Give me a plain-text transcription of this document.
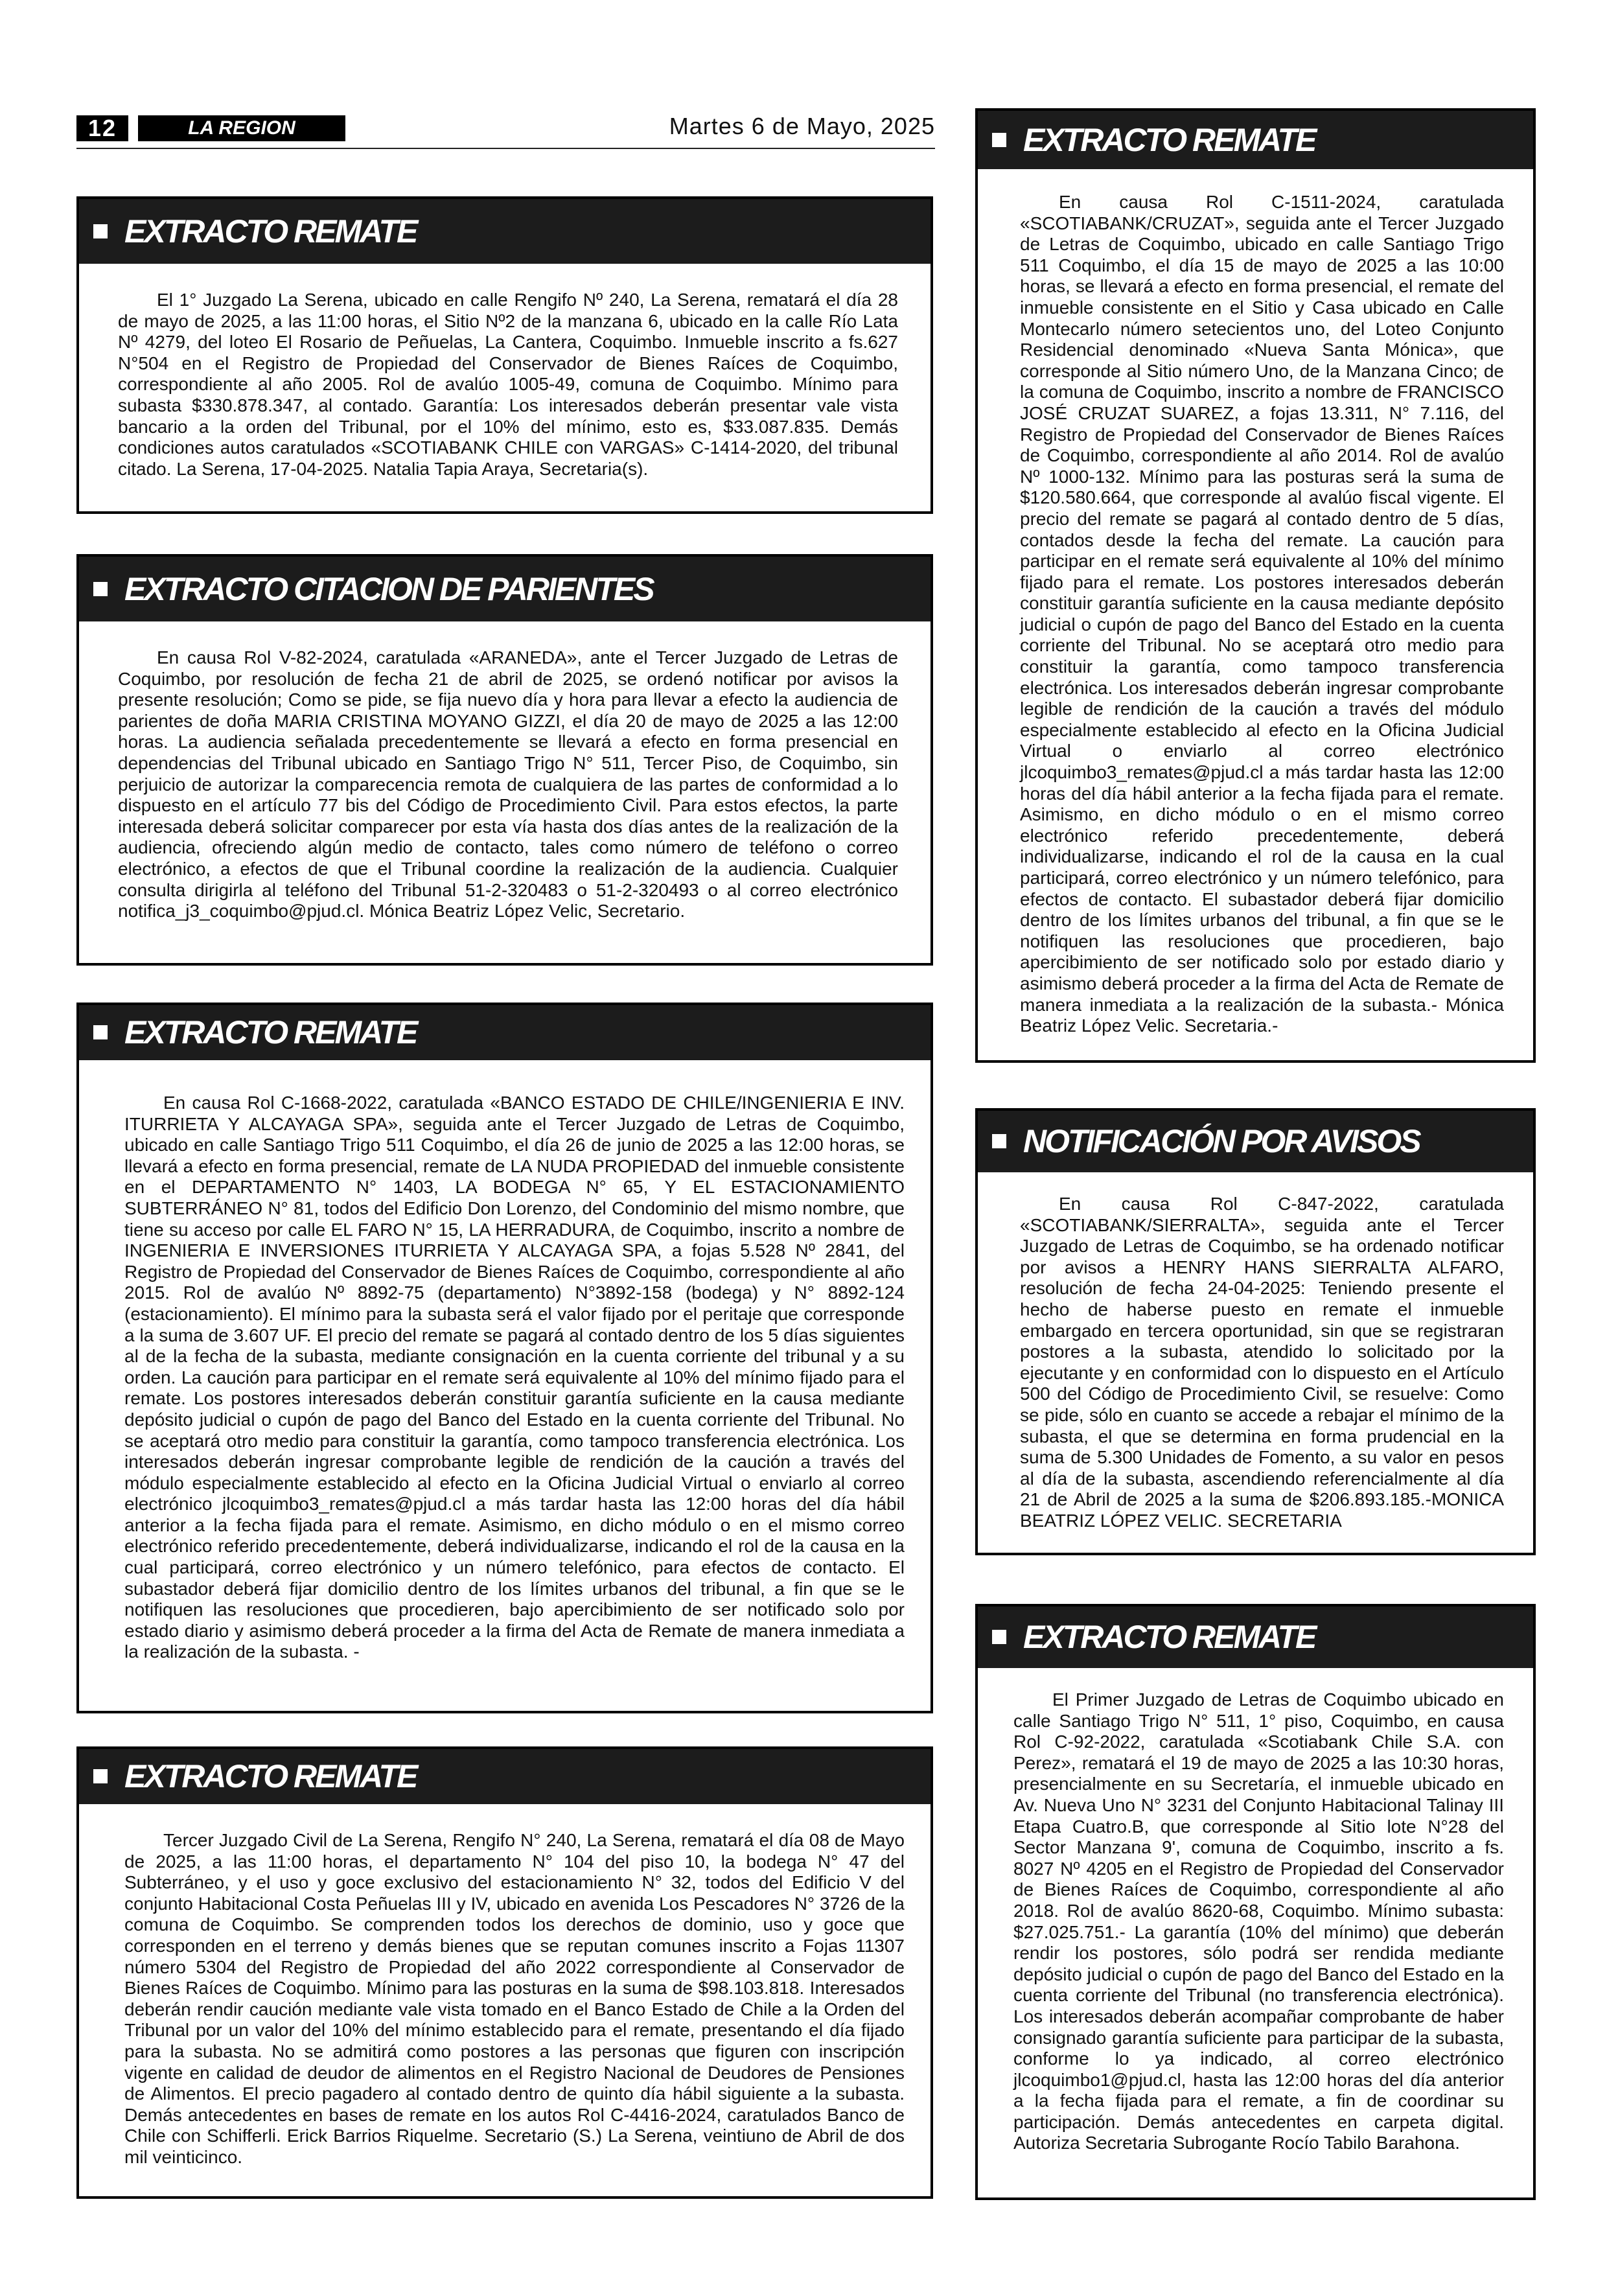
12	LA REGION	Martes 6 de Mayo, 2025
EXTRACTO REMATE

El 1° Juzgado La Serena, ubicado en calle Rengifo Nº 240, La Serena, rematará el día 28 de mayo de 2025, a las 11:00 horas, el Sitio Nº2 de la manzana 6, ubicado en la calle Río Lata Nº 4279, del loteo El Rosario de Peñuelas, La Cantera, Coquimbo. Inmueble inscrito a fs.627 N°504 en el Registro de Propiedad del Conservador de Bienes Raíces de Coquimbo, correspondiente al año 2005. Rol de avalúo 1005-49, comuna de Coquimbo. Mínimo para subasta $330.878.347, al contado. Garantía: Los interesados deberán presentar vale vista bancario a la orden del Tribunal, por el 10% del mínimo, esto es, $33.087.835. Demás condiciones autos caratulados «SCOTIABANK CHILE con VARGAS» C-1414-2020, del tribunal citado. La Serena, 17-04-2025. Natalia Tapia Araya, Secretaria(s).

EXTRACTO CITACION DE PARIENTES

En causa Rol V-82-2024, caratulada «ARANEDA», ante el Tercer Juzgado de Letras de Coquimbo, por resolución de fecha 21 de abril de 2025, se ordenó notificar por avisos la presente resolución; Como se pide, se fija nuevo día y hora para llevar a efecto la audiencia de parientes de doña MARIA CRISTINA MOYANO GIZZI, el día 20 de mayo de 2025 a las 12:00 horas. La audiencia señalada precedentemente se llevará a efecto en forma presencial en dependencias del Tribunal ubicado en Santiago Trigo N° 511, Tercer Piso, de Coquimbo, sin perjuicio de autorizar la comparecencia remota de cualquiera de las partes de conformidad a lo dispuesto en el artículo 77 bis del Código de Procedimiento Civil. Para estos efectos, la parte interesada deberá solicitar comparecer por esta vía hasta dos días antes de la realización de la audiencia, ofreciendo algún medio de contacto, tales como número de teléfono o correo electrónico, a efectos de que el Tribunal coordine la realización de la audiencia. Cualquier consulta dirigirla al teléfono del Tribunal 51-2-320483 o 51-2-320493 o al correo electrónico notifica_j3_coquimbo@pjud.cl. Mónica Beatriz López Velic, Secretario.

EXTRACTO REMATE

En causa Rol C-1668-2022, caratulada «BANCO ESTADO DE CHILE/INGENIERIA E INV. ITURRIETA Y ALCAYAGA SPA», seguida ante el Tercer Juzgado de Letras de Coquimbo, ubicado en calle Santiago Trigo 511 Coquimbo, el día 26 de junio de 2025 a las 12:00 horas, se llevará a efecto en forma presencial, remate de LA NUDA PROPIEDAD del inmueble consistente en el DEPARTAMENTO N° 1403, LA BODEGA N° 65, Y EL ESTACIONAMIENTO SUBTERRÁNEO N° 81, todos del Edificio Don Lorenzo, del Condominio del mismo nombre, que tiene su acceso por calle EL FARO N° 15, LA HERRADURA, de Coquimbo, inscrito a nombre de INGENIERIA E INVERSIONES ITURRIETA Y ALCAYAGA SPA, a fojas 5.528 Nº 2841, del Registro de Propiedad del Conservador de Bienes Raíces de Coquimbo, correspondiente al año 2015. Rol de avalúo Nº 8892-75 (departamento) N°3892-158 (bodega) y N° 8892-124 (estacionamiento). El mínimo para la subasta será el valor fijado por el peritaje que corresponde a la suma de 3.607 UF. El precio del remate se pagará al contado dentro de los 5 días siguientes al de la fecha de la subasta, mediante consignación en la cuenta corriente del tribunal y a su orden. La caución para participar en el remate será equivalente al 10% del mínimo fijado para el remate. Los postores interesados deberán constituir garantía suficiente en la causa mediante depósito judicial o cupón de pago del Banco del Estado en la cuenta corriente del Tribunal. No se aceptará otro medio para constituir la garantía, como tampoco transferencia electrónica. Los interesados deberán ingresar comprobante legible de rendición de la caución a través del módulo especialmente establecido al efecto en la Oficina Judicial Virtual o enviarlo al correo electrónico jlcoquimbo3_remates@pjud.cl a más tardar hasta las 12:00 horas del día hábil anterior a la fecha fijada para el remate. Asimismo, en dicho módulo o en el mismo correo electrónico referido precedentemente, deberá individualizarse, indicando el rol de la causa en la cual participará, correo electrónico y un número telefónico, para efectos de contacto. El subastador deberá fijar domicilio dentro de los límites urbanos del tribunal, a fin que se le notifiquen las resoluciones que procedieren, bajo apercibimiento de ser notificado solo por estado diario y asimismo deberá proceder a la firma del Acta de Remate de manera inmediata a la realización de la subasta. -

EXTRACTO REMATE

Tercer Juzgado Civil de La Serena, Rengifo N° 240, La Serena, rematará el día 08 de Mayo de 2025, a las 11:00 horas, el departamento N° 104 del piso 10, la bodega N° 47 del Subterráneo, y el uso y goce exclusivo del estacionamiento N° 32, todos del Edificio V del conjunto Habitacional Costa Peñuelas III y IV, ubicado en avenida Los Pescadores N° 3726 de la comuna de Coquimbo. Se comprenden todos los derechos de dominio, uso y goce que corresponden en el terreno y demás bienes que se reputan comunes inscrito a Fojas 11307 número 5304 del Registro de Propiedad del año 2022 correspondiente al Conservador de Bienes Raíces de Coquimbo. Mínimo para las posturas en la suma de $98.103.818. Interesados deberán rendir caución mediante vale vista tomado en el Banco Estado de Chile a la Orden del Tribunal por un valor del 10% del mínimo establecido para el remate, presentando el día fijado para la subasta. No se admitirá como postores a las personas que figuren con inscripción vigente en calidad de deudor de alimentos en el Registro Nacional de Deudores de Pensiones de Alimentos. El precio pagadero al contado dentro de quinto día hábil siguiente a la subasta. Demás antecedentes en bases de remate en los autos Rol C-4416-2024, caratulados Banco de Chile con Schifferli. Erick Barrios Riquelme. Secretario (S.) La Serena, veintiuno de Abril de dos mil veinticinco.

EXTRACTO REMATE

En causa Rol C-1511-2024, caratulada «SCOTIABANK/CRUZAT», seguida ante el Tercer Juzgado de Letras de Coquimbo, ubicado en calle Santiago Trigo 511 Coquimbo, el día 15 de mayo de 2025 a las 10:00 horas, se llevará a efecto en forma presencial, el remate del inmueble consistente en el Sitio y Casa ubicado en Calle Montecarlo número setecientos uno, del Loteo Conjunto Residencial denominado «Nueva Santa Mónica», que corresponde al Sitio número Uno, de la Manzana Cinco; de la comuna de Coquimbo, inscrito a nombre de FRANCISCO JOSÉ CRUZAT SUAREZ, a fojas 13.311, N° 7.116, del Registro de Propiedad del Conservador de Bienes Raíces de Coquimbo, correspondiente al año 2014. Rol de avalúo Nº 1000-132. Mínimo para las posturas será la suma de $120.580.664, que corresponde al avalúo fiscal vigente. El precio del remate se pagará al contado dentro de 5 días, contados desde la fecha del remate. La caución para participar en el remate será equivalente al 10% del mínimo fijado para el remate. Los postores interesados deberán constituir garantía suficiente en la causa mediante depósito judicial o cupón de pago del Banco del Estado en la cuenta corriente del Tribunal. No se aceptará otro medio para constituir la garantía, como tampoco transferencia electrónica. Los interesados deberán ingresar comprobante legible de rendición de la caución a través del módulo especialmente establecido al efecto en la Oficina Judicial Virtual o enviarlo al correo electrónico jlcoquimbo3_remates@pjud.cl a más tardar hasta las 12:00 horas del día hábil anterior a la fecha fijada para el remate. Asimismo, en dicho módulo o en el mismo correo electrónico referido precedentemente, deberá individualizarse, indicando el rol de la causa en la cual participará, correo electrónico y un número telefónico, para efectos de contacto. El subastador deberá fijar domicilio dentro de los límites urbanos del tribunal, a fin que se le notifiquen las resoluciones que procedieren, bajo apercibimiento de ser notificado solo por estado diario y asimismo deberá proceder a la firma del Acta de Remate de manera inmediata a la realización de la subasta.- Mónica Beatriz López Velic. Secretaria.-

NOTIFICACIÓN POR AVISOS

En causa Rol C-847-2022, caratulada «SCOTIABANK/SIERRALTA», seguida ante el Tercer Juzgado de Letras de Coquimbo, se ha ordenado notificar por avisos a HENRY HANS SIERRALTA ALFARO, resolución de fecha 24-04-2025: Teniendo presente el hecho de haberse puesto en remate el inmueble embargado en tercera oportunidad, sin que se registraran postores a la subasta, atendido lo solicitado por la ejecutante y en conformidad con lo dispuesto en el Artículo 500 del Código de Procedimiento Civil, se resuelve: Como se pide, sólo en cuanto se accede a rebajar el mínimo de la subasta, el que se determina en forma prudencial en la suma de 5.300 Unidades de Fomento, a su valor en pesos al día de la subasta, ascendiendo referencialmente al día 21 de Abril de 2025 a la suma de $206.893.185.-MONICA BEATRIZ LÓPEZ VELIC. SECRETARIA

EXTRACTO REMATE

El Primer Juzgado de Letras de Coquimbo ubicado en calle Santiago Trigo N° 511, 1° piso, Coquimbo, en causa Rol C-92-2022, caratulada «Scotiabank Chile S.A. con Perez», rematará el 19 de mayo de 2025 a las 10:30 horas, presencialmente en su Secretaría, el inmueble ubicado en Av. Nueva Uno N° 3231 del Conjunto Habitacional Talinay III Etapa Cuatro.B, que corresponde al Sitio lote N°28 del Sector Manzana 9', comuna de Coquimbo, inscrito a fs. 8027 Nº 4205 en el Registro de Propiedad del Conservador de Bienes Raíces de Coquimbo, correspondiente al año 2018. Rol de avalúo 8620-68, Coquimbo. Mínimo subasta: $27.025.751.- La garantía (10% del mínimo) que deberán rendir los postores, sólo podrá ser rendida mediante depósito judicial o cupón de pago del Banco del Estado en la cuenta corriente del Tribunal (no transferencia electrónica). Los interesados deberán acompañar comprobante de haber consignado garantía suficiente para participar de la subasta, conforme lo ya indicado, al correo electrónico jlcoquimbo1@pjud.cl, hasta las 12:00 horas del día anterior a la fecha fijada para el remate, a fin de coordinar su participación. Demás antecedentes en carpeta digital. Autoriza Secretaria Subrogante Rocío Tabilo Barahona.
